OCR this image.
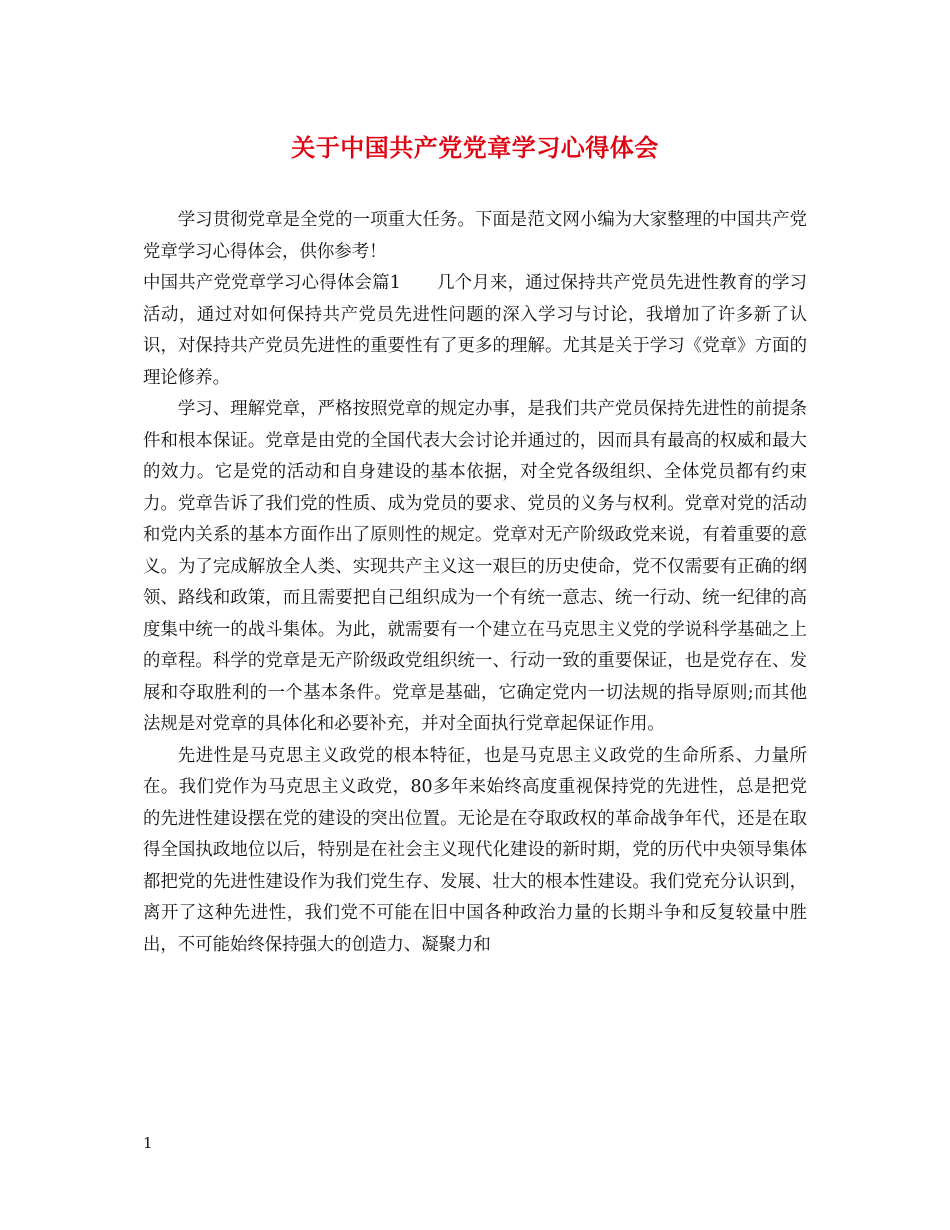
关于中国共产党党章学习心得体会

学习贯彻党章是全党的一项重大任务。下面是范文网小编为大家整理的中国共产党党章学习心得体会，供你参考！

中国共产党党章学习心得体会篇1 几个月来，通过保持共产党员先进性教育的学习活动，通过对如何保持共产党员先进性问题的深入学习与讨论，我增加了许多新了认识，对保持共产党员先进性的重要性有了更多的理解。尤其是关于学习《党章》方面的理论修养。

学习、理解党章，严格按照党章的规定办事，是我们共产党员保持先进性的前提条件和根本保证。党章是由党的全国代表大会讨论并通过的，因而具有最高的权威和最大的效力。它是党的活动和自身建设的基本依据，对全党各级组织、全体党员都有约束力。党章告诉了我们党的性质、成为党员的要求、党员的义务与权利。党章对党的活动和党内关系的基本方面作出了原则性的规定。党章对无产阶级政党来说，有着重要的意义。为了完成解放全人类、实现共产主义这一艰巨的历史使命，党不仅需要有正确的纲领、路线和政策，而且需要把自己组织成为一个有统一意志、统一行动、统一纪律的高度集中统一的战斗集体。为此，就需要有一个建立在马克思主义党的学说科学基础之上的章程。科学的党章是无产阶级政党组织统一、行动一致的重要保证，也是党存在、发展和夺取胜利的一个基本条件。党章是基础，它确定党内一切法规的指导原则;而其他法规是对党章的具体化和必要补充，并对全面执行党章起保证作用。

先进性是马克思主义政党的根本特征，也是马克思主义政党的生命所系、力量所在。我们党作为马克思主义政党，80多年来始终高度重视保持党的先进性，总是把党的先进性建设摆在党的建设的突出位置。无论是在夺取政权的革命战争年代，还是在取得全国执政地位以后，特别是在社会主义现代化建设的新时期，党的历代中央领导集体都把党的先进性建设作为我们党生存、发展、壮大的根本性建设。我们党充分认识到，离开了这种先进性，我们党不可能在旧中国各种政治力量的长期斗争和反复较量中胜出，不可能始终保持强大的创造力、凝聚力和

1
